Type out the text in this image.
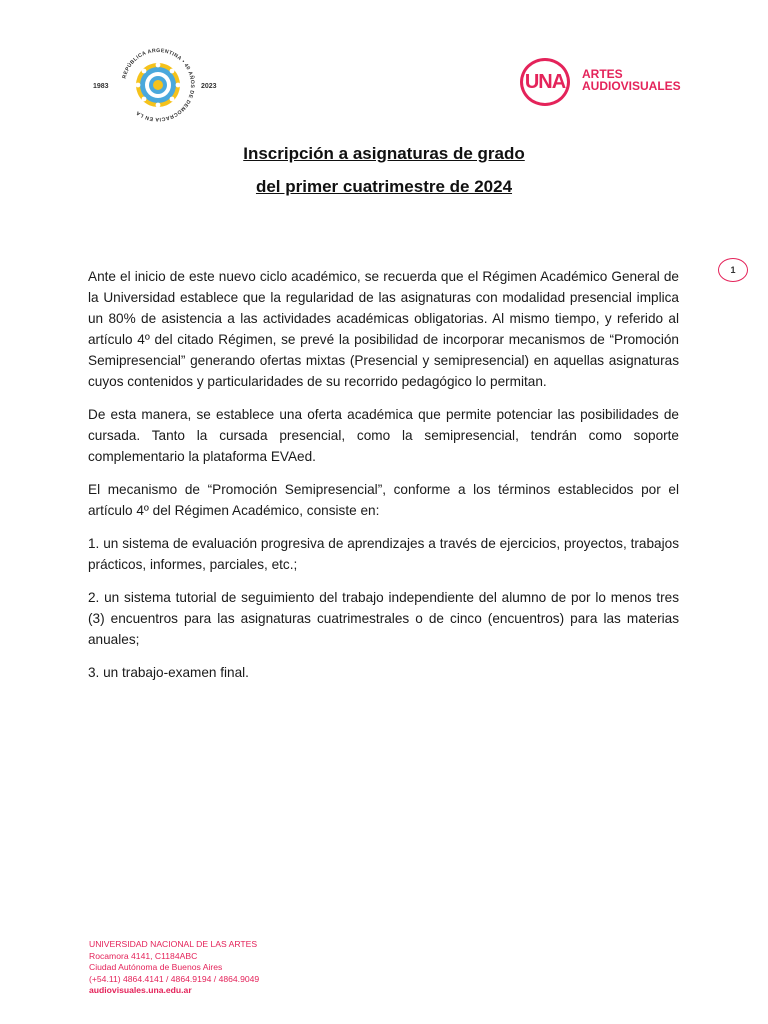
REPÚBLICA ARGENTINA • 40 AÑOS DE DEMOCRACIA EN LA
1983	2023	UNA ARTES
AUDIOVISUALES
Inscripción a asignaturas de grado
del primer cuatrimestre de 2024
1

Ante el inicio de este nuevo ciclo académico, se recuerda que el Régimen Académico General de la Universidad establece que la regularidad de las asignaturas con modalidad presencial implica un 80% de asistencia a las actividades académicas obligatorias. Al mismo tiempo, y referido al artículo 4º del citado Régimen, se prevé la posibilidad de incorporar mecanismos de “Promoción Semipresencial” generando ofertas mixtas (Presencial y semipresencial) en aquellas asignaturas cuyos contenidos y particularidades de su recorrido pedagógico lo permitan.

De esta manera, se establece una oferta académica que permite potenciar las posibilidades de cursada. Tanto la cursada presencial, como la semipresencial, tendrán como soporte complementario la plataforma EVAed.

El mecanismo de “Promoción Semipresencial”, conforme a los términos establecidos por el artículo 4º del Régimen Académico, consiste en:

1. un sistema de evaluación progresiva de aprendizajes a través de ejercicios, proyectos, trabajos prácticos, informes, parciales, etc.;

2. un sistema tutorial de seguimiento del trabajo independiente del alumno de por lo menos tres (3) encuentros para las asignaturas cuatrimestrales o de cinco (encuentros) para las materias anuales;

3. un trabajo-examen final.

UNIVERSIDAD NACIONAL DE LAS ARTES
Rocamora 4141, C1184ABC
Ciudad Autónoma de Buenos Aires
(+54.11) 4864.4141 / 4864.9194 / 4864.9049
audiovisuales.una.edu.ar
